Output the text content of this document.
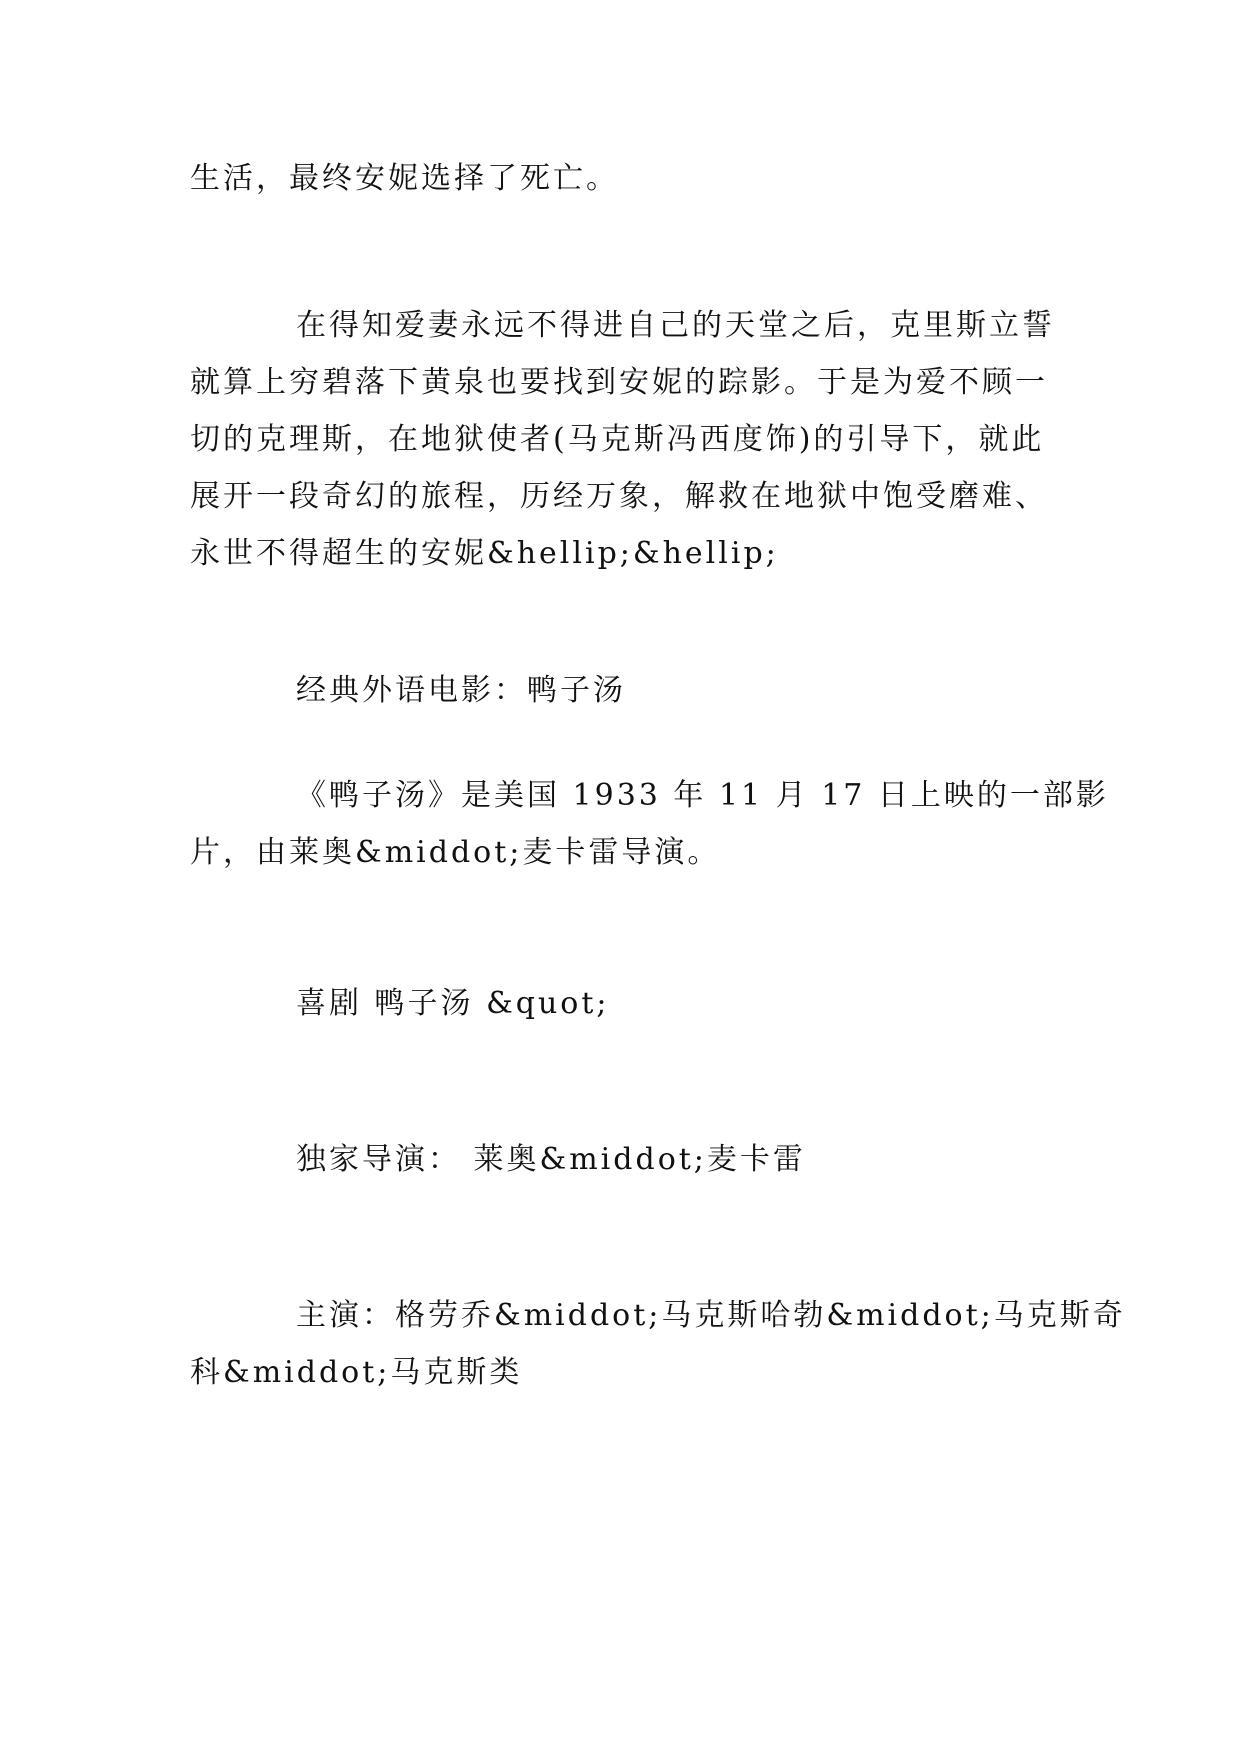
生活，最终安妮选择了死亡。

在得知爱妻永远不得进自己的天堂之后，克里斯立誓
就算上穷碧落下黄泉也要找到安妮的踪影。于是为爱不顾一
切的克理斯，在地狱使者(马克斯冯西度饰)的引导下，就此
展开一段奇幻的旅程，历经万象，解救在地狱中饱受磨难、
永世不得超生的安妮&hellip;&hellip;
经典外语电影：鸭子汤
《鸭子汤》是美国 1933 年 11 月 17 日上映的一部影
片，由莱奥&middot;麦卡雷导演。
喜剧 鸭子汤 &quot;
独家导演： 莱奥&middot;麦卡雷
主演：格劳乔&middot;马克斯哈勃&middot;马克斯奇
科&middot;马克斯类
